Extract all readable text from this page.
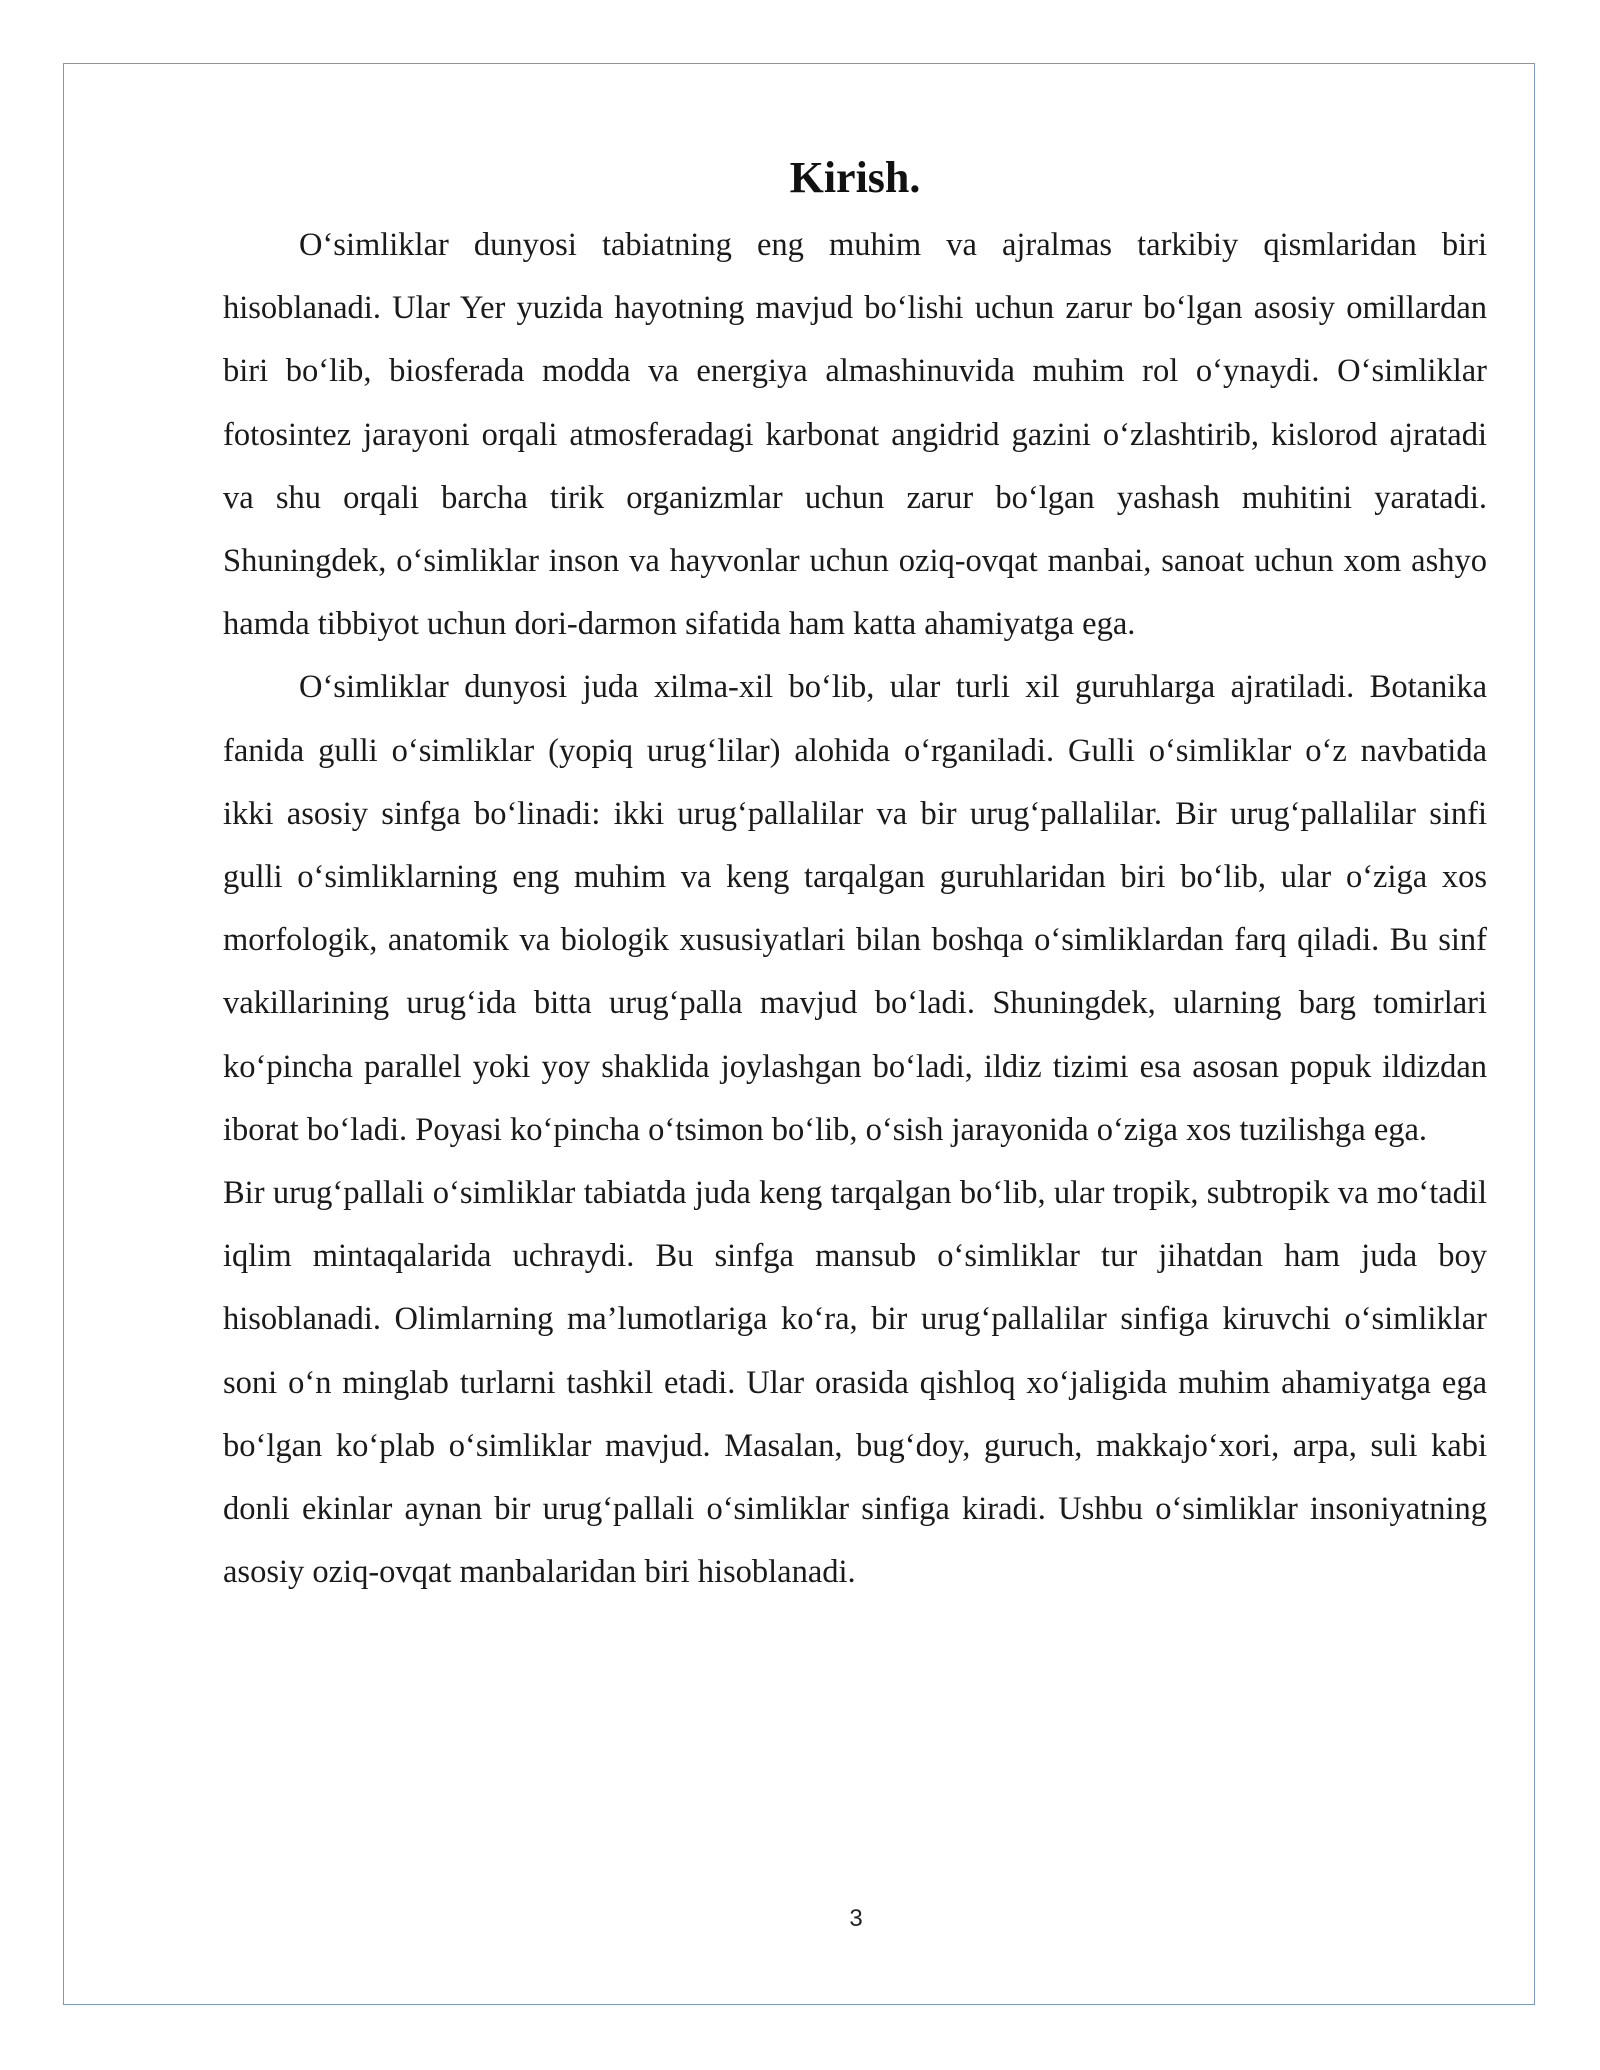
Kirish.

O‘simliklar dunyosi tabiatning eng muhim va ajralmas tarkibiy qismlaridan biri hisoblanadi. Ular Yer yuzida hayotning mavjud bo‘lishi uchun zarur bo‘lgan asosiy omillardan biri bo‘lib, biosferada modda va energiya almashinuvida muhim rol o‘ynaydi. O‘simliklar fotosintez jarayoni orqali atmosferadagi karbonat angidrid gazini o‘zlashtirib, kislorod ajratadi va shu orqali barcha tirik organizmlar uchun zarur bo‘lgan yashash muhitini yaratadi. Shuningdek, o‘simliklar inson va hayvonlar uchun oziq-ovqat manbai, sanoat uchun xom ashyo hamda tibbiyot uchun dori-darmon sifatida ham katta ahamiyatga ega.

O‘simliklar dunyosi juda xilma-xil bo‘lib, ular turli xil guruhlarga ajratiladi. Botanika fanida gulli o‘simliklar (yopiq urug‘lilar) alohida o‘rganiladi. Gulli o‘simliklar o‘z navbatida ikki asosiy sinfga bo‘linadi: ikki urug‘pallalilar va bir urug‘pallalilar. Bir urug‘pallalilar sinfi gulli o‘simliklarning eng muhim va keng tarqalgan guruhlaridan biri bo‘lib, ular o‘ziga xos morfologik, anatomik va biologik xususiyatlari bilan boshqa o‘simliklardan farq qiladi. Bu sinf vakillarining urug‘ida bitta urug‘palla mavjud bo‘ladi. Shuningdek, ularning barg tomirlari ko‘pincha parallel yoki yoy shaklida joylashgan bo‘ladi, ildiz tizimi esa asosan popuk ildizdan iborat bo‘ladi. Poyasi ko‘pincha o‘tsimon bo‘lib, o‘sish jarayonida o‘ziga xos tuzilishga ega.

Bir urug‘pallali o‘simliklar tabiatda juda keng tarqalgan bo‘lib, ular tropik, subtropik va mo‘tadil iqlim mintaqalarida uchraydi. Bu sinfga mansub o‘simliklar tur jihatdan ham juda boy hisoblanadi. Olimlarning ma’lumotlariga ko‘ra, bir urug‘pallalilar sinfiga kiruvchi o‘simliklar soni o‘n minglab turlarni tashkil etadi. Ular orasida qishloq xo‘jaligida muhim ahamiyatga ega bo‘lgan ko‘plab o‘simliklar mavjud. Masalan, bug‘doy, guruch, makkajo‘xori, arpa, suli kabi donli ekinlar aynan bir urug‘pallali o‘simliklar sinfiga kiradi. Ushbu o‘simliklar insoniyatning asosiy oziq-ovqat manbalaridan biri hisoblanadi.

3
